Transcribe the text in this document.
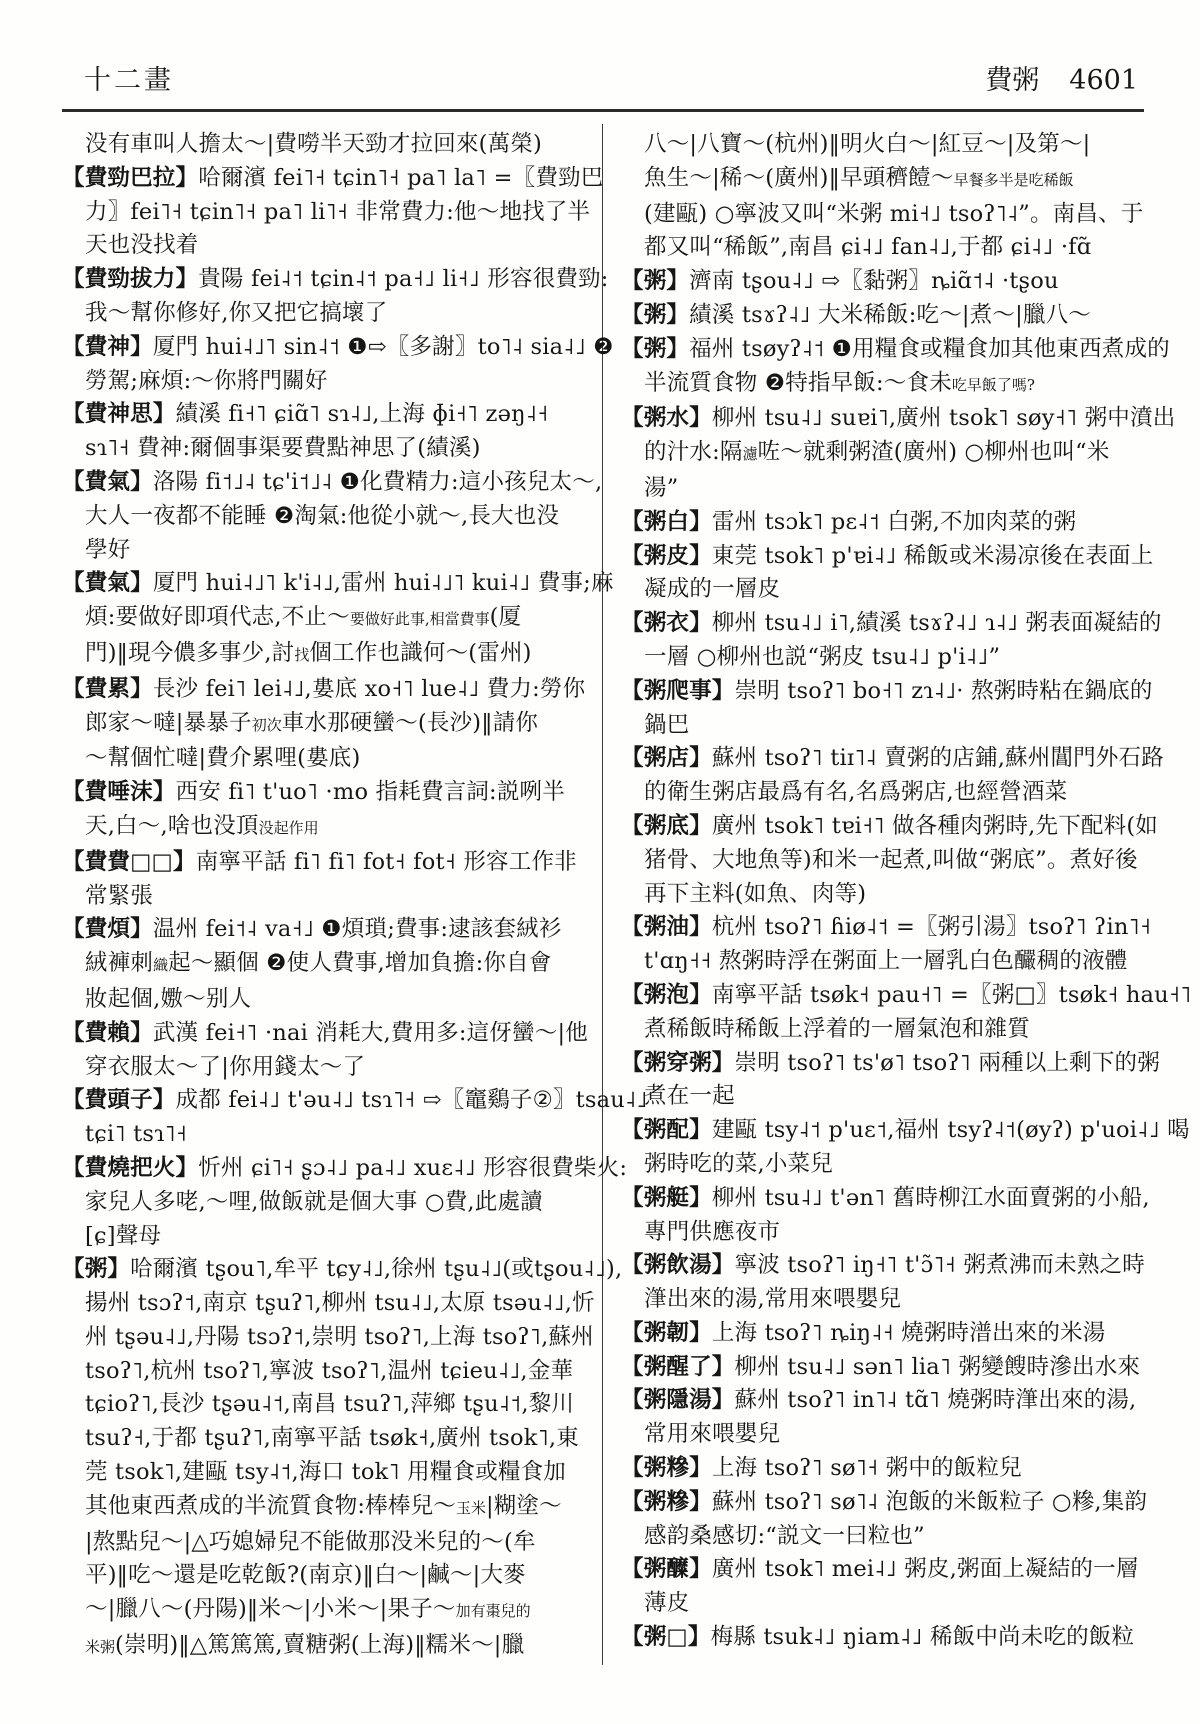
十二畫	費粥 4601
没有車叫人擔太～|費嘮半天勁才拉回來(萬榮)
【費勁巴拉】哈爾濱 fei˥˧ tɕin˥˧ pa˥ la˥ =〖費勁巴
力〗fei˥˧ tɕin˥˧ pa˥ li˥˧ 非常費力:他～地找了半
天也没找着
【費勁拔力】貴陽 fei˨˦ tɕin˨˦ pa˧˩ li˧˩ 形容很費勁:
我～幫你修好,你又把它搞壞了
【費神】厦門 hui˨˩˥ sin˨˦ ❶⇨〖多謝〗to˥˨ sia˨˩ ❷
勞駕;麻煩:～你將門關好
【費神思】績溪 fi˧˥ ɕiɑ̃˥ sɿ˨˩,上海 ɸi˧˥ zəŋ˨˧
sɿ˥˧ 費神:爾個事渠要費點神思了(績溪)
【費氣】洛陽 fi˦˩˨ tɕ'i˦˩˨ ❶化費精力:這小孩兒太～,
大人一夜都不能睡 ❷淘氣:他從小就～,長大也没
學好
【費氣】厦門 hui˨˩˥ k'i˨˩,雷州 hui˨˩˥ kui˨˩ 費事;麻
煩:要做好即項代志,不止～要做好此事,相當費事(厦
門)‖現今儂多事少,討找個工作也識何～(雷州)
【費累】長沙 fei˥ lei˨˩,婁底 xo˧˥ lue˨˩ 費力:勞你
郎家～噠|暴暴子初次車水那硬蠻～(長沙)‖請你
～幫個忙噠|費介累哩(婁底)
【費唾沫】西安 fi˥ t'uo˥ ·mo 指耗費言詞:説咧半
天,白～,啥也没頂没起作用
【費費□□】南寧平話 fi˥ fi˥ fot˧ fot˧ 形容工作非
常緊張
【費煩】温州 fei˦˨ va˧˩ ❶煩瑣;費事:逮該套絨衫
絨褲刺織起～顯個 ❷使人費事,增加負擔:你自會
妝起個,嫐～别人
【費賴】武漢 fei˧˥ ·nai 消耗大,費用多:這伢蠻～|他
穿衣服太～了|你用錢太～了
【費頭子】成都 fei˨˩ t'əu˨˩ tsɿ˥˧ ⇨〖竈鷄子②〗tsau˨˩
tɕi˥ tsɿ˥˧
【費燒把火】忻州 ɕi˥˧ ʂɔ˨˩ pa˨˩ xuɛ˨˩ 形容很費柴火:
家兒人多咾,～哩,做飯就是個大事 ○費,此處讀
[ɕ]聲母
【粥】哈爾濱 tʂou˥,牟平 tɕy˨˩,徐州 tʂu˨˩(或tʂou˨˩),
揚州 tsɔʔ˦,南京 tʂuʔ˥,柳州 tsu˨˩,太原 tsəu˨˩,忻
州 tʂəu˨˩,丹陽 tsɔʔ˦,崇明 tsoʔ˥,上海 tsoʔ˥,蘇州
tsoʔ˥,杭州 tsoʔ˥,寧波 tsoʔ˥,温州 tɕieu˨˩,金華
tɕioʔ˥,長沙 tʂəu˨˦,南昌 tsuʔ˥,萍鄉 tʂu˨˦,黎川
tsuʔ˧,于都 tʂuʔ˥,南寧平話 tsøk˧,廣州 tsok˥,東
莞 tsok˥,建甌 tsy˨˦,海口 tok˥ 用糧食或糧食加
其他東西煮成的半流質食物:棒棒兒～玉米|糊塗～
|熬點兒～|△巧媳婦兒不能做那没米兒的～(牟
平)‖吃～還是吃乾飯?(南京)‖白～|鹹～|大麥
～|臘八～(丹陽)‖米～|小米～|果子～加有棗兒的
米粥(崇明)‖△篤篤篤,賣糖粥(上海)‖糯米～|臘
八～|八寶～(杭州)‖明火白～|紅豆～|及第～|
魚生～|稀～(廣州)‖早頭穧饐～早餐多半是吃稀飯
(建甌) ○寧波又叫“米粥 mi˧˩ tsoʔ˥˨”。南昌、于
都又叫“稀飯”,南昌 ɕi˨˩ fan˨˩,于都 ɕi˨˩ ·fɑ̃
【粥】濟南 tʂou˨˩ ⇨〖黏粥〗ȵiɑ̃˦˨ ·tʂou
【粥】績溪 tsɤʔ˨˩ 大米稀飯:吃～|煮～|臘八～
【粥】福州 tsøyʔ˨˦ ❶用糧食或糧食加其他東西煮成的
半流質食物 ❷特指早飯:～食未吃早飯了嗎?
【粥水】柳州 tsu˨˩ suɐi˥,廣州 tsok˥ søy˧˥ 粥中濆出
的汁水:隔濾咗～就剩粥渣(廣州) ○柳州也叫“米
湯”
【粥白】雷州 tsɔk˥ pɛ˨˦ 白粥,不加肉菜的粥
【粥皮】東莞 tsok˥ p'ɐi˨˩ 稀飯或米湯凉後在表面上
凝成的一層皮
【粥衣】柳州 tsu˨˩ i˥,績溪 tsɤʔ˨˩ ɿ˨˩ 粥表面凝結的
一層 ○柳州也説“粥皮 tsu˨˩ p'i˨˩”
【粥爬事】崇明 tsoʔ˥ bo˧˥ zɿ˨˩· 熬粥時粘在鍋底的
鍋巴
【粥店】蘇州 tsoʔ˥ tiɪ˥˨ 賣粥的店鋪,蘇州閶門外石路
的衛生粥店最爲有名,名爲粥店,也經營酒菜
【粥底】廣州 tsok˥ tɐi˧˥ 做各種肉粥時,先下配料(如
猪骨、大地魚等)和米一起煮,叫做“粥底”。煮好後
再下主料(如魚、肉等)
【粥油】杭州 tsoʔ˥ ɦiø˨˦ =〖粥引湯〗tsoʔ˥ ʔin˥˧
t'ɑŋ˧˧ 熬粥時浮在粥面上一層乳白色釅稠的液體
【粥泡】南寧平話 tsøk˧ pau˧˥ =〖粥□〗tsøk˧ hau˧˥
煮稀飯時稀飯上浮着的一層氣泡和雜質
【粥穿粥】崇明 tsoʔ˥ ts'ø˥ tsoʔ˥ 兩種以上剩下的粥
煮在一起
【粥配】建甌 tsy˨˦ p'uɛ˦,福州 tsyʔ˨˦(øyʔ) p'uoi˨˩ 喝
粥時吃的菜,小菜兒
【粥艇】柳州 tsu˨˩ t'ən˥ 舊時柳江水面賣粥的小船,
專門供應夜市
【粥飲湯】寧波 tsoʔ˥ iŋ˧˥ t'ɔ̃˥˧ 粥煮沸而未熟之時
潷出來的湯,常用來喂嬰兒
【粥韌】上海 tsoʔ˥ ȵiŋ˨˧ 燒粥時潽出來的米湯
【粥醒了】柳州 tsu˨˩ sən˥ lia˥ 粥變餿時滲出水來
【粥隱湯】蘇州 tsoʔ˥ in˥˨ tɑ̃˥ 燒粥時潷出來的湯,
常用來喂嬰兒
【粥糝】上海 tsoʔ˥ sø˥˧ 粥中的飯粒兒
【粥糝】蘇州 tsoʔ˥ sø˥˨ 泡飯的米飯粒子 ○糝,集韵
感韵桑感切:“説文一曰粒也”
【粥醾】廣州 tsok˥ mei˨˩ 粥皮,粥面上凝結的一層
薄皮
【粥□】梅縣 tsuk˨˩ ŋiam˨˩ 稀飯中尚未吃的飯粒
